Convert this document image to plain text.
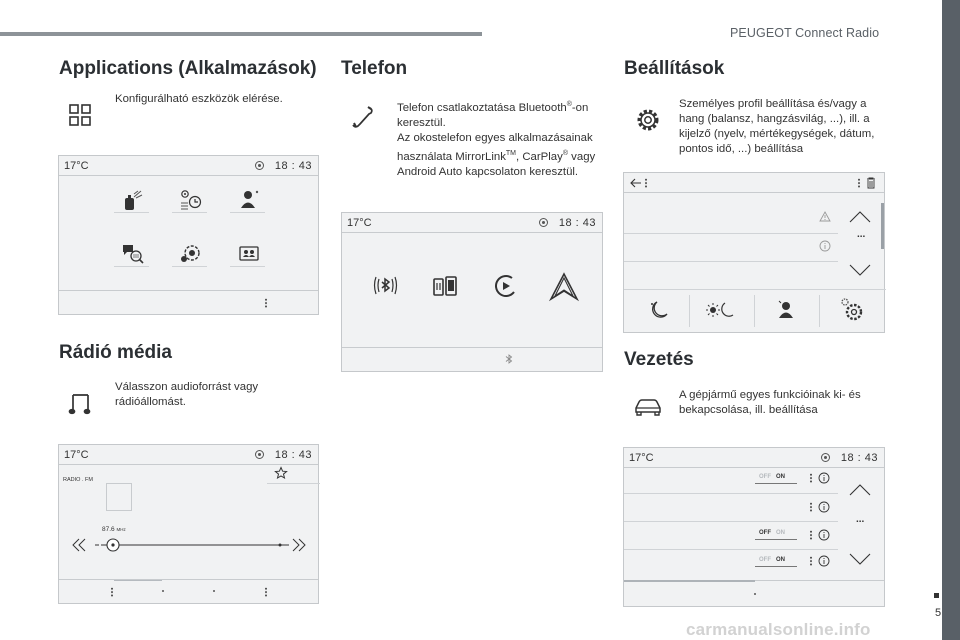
PEUGEOT Connect Radio
5
carmanualsonline.info
Applications (Alkalmazások)
Konfigurálható eszközök elérése.
17°C	18 : 43
Rádió média
Válasszon audioforrást vagy rádióállomást.
17°C	18 : 43
RADIO . FM
87.6 MHz
Telefon
Telefon csatlakoztatása Bluetooth®-on keresztül.
Az okostelefon egyes alkalmazásainak használata MirrorLink™, CarPlay® vagy Android Auto kapcsolaton keresztül.
17°C	18 : 43
Beállítások
Személyes profil beállítása és/vagy a hang (balansz, hangzásvilág, ...), ill. a kijelző (nyelv, mértékegységek, dátum, pontos idő, ...) beállítása
...
Vezetés
A gépjármű egyes funkcióinak ki- és bekapcsolása, ill. beállítása
17°C	18 : 43
OFF ON
OFF ON
OFF ON
...
